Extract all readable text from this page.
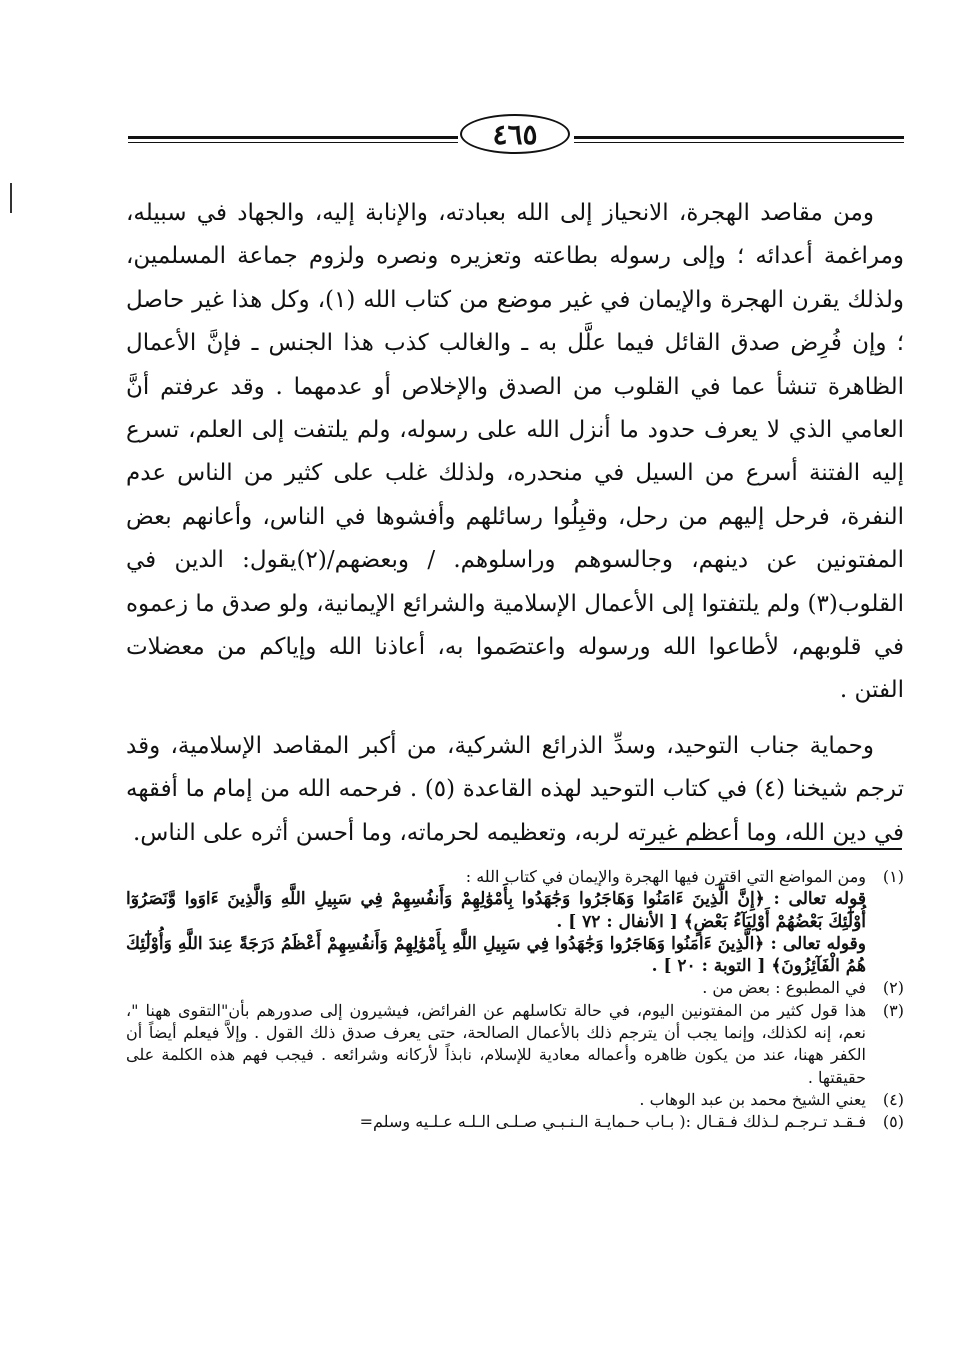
٤٦٥

ومن مقاصد الهجرة، الانحياز إلى الله بعبادته، والإنابة إليه، والجهاد في سبيله، ومراغمة أعدائه ؛ وإلى رسوله بطاعته وتعزيره ونصره ولزوم جماعة المسلمين، ولذلك يقرن الهجرة والإيمان في غير موضع من كتاب الله (١)، وكل هذا غير حاصل ؛ وإن فُرِض صدق القائل فيما علَّل به ـ والغالب كذب هذا الجنس ـ فإنَّ الأعمال الظاهرة تنشأ عما في القلوب من الصدق والإخلاص أو عدمهما . وقد عرفتم أنَّ العامي الذي لا يعرف حدود ما أنزل الله على رسوله، ولم يلتفت إلى العلم، تسرع إليه الفتنة أسرع من السيل في منحدره، ولذلك غلب على كثير من الناس عدم النفرة، فرحل إليهم من رحل، وقبِلُوا رسائلهم وأفشوها في الناس، وأعانهم بعض المفتونين عن دينهم، وجالسوهم وراسلوهم. / وبعضهم/(٢)يقول: الدين في القلوب(٣) ولم يلتفتوا إلى الأعمال الإسلامية والشرائع الإيمانية، ولو صدق ما زعموه في قلوبهم، لأطاعوا الله ورسوله واعتصَموا به، أعاذنا الله وإياكم من معضلات الفتن .

وحماية جناب التوحيد، وسدِّ الذرائع الشركية، من أكبر المقاصد الإسلامية، وقد ترجم شيخنا (٤) في كتاب التوحيد لهذه القاعدة (٥) . فرحمه الله من إمام ما أفقهه في دين الله، وما أعظم غيرته لربه، وتعظيمه لحرماته، وما أحسن أثره على الناس.

(١)
ومن المواضع التي اقترن فيها الهجرة والإيمان في كتاب الله :
قوله تعالى : ﴿إِنَّ الَّذِينَ ءَامَنُوا وَهَاجَرُوا وَجَٰهَدُوا بِأَمْوَٰلِهِمْ وَأَنفُسِهِمْ فِي سَبِيلِ اللَّهِ وَالَّذِينَ ءَاوَوا وَّنَصَرُوٓا أُوْلَٰٓئِكَ بَعْضُهُمْ أَوْلِيَآءُ بَعْضٍ﴾ [ الأنفال : ٧٢ ] .
وقوله تعالى : ﴿الَّذِينَ ءَامَنُوا وَهَاجَرُوا وَجَٰهَدُوا فِي سَبِيلِ اللَّهِ بِأَمْوَٰلِهِمْ وَأَنفُسِهِمْ أَعْظَمُ دَرَجَةً عِندَ اللَّهِ وَأُوْلَٰٓئِكَ هُمُ الْفَآئِزُونَ﴾ [ التوبة : ٢٠ ] .
(٢)
في المطبوع : بعض من .
(٣)
هذا قول كثير من المفتونين اليوم، في حالة تكاسلهم عن الفرائض، فيشيرون إلى صدورهم بأن"التقوى ههنا "، نعم، إنه لكذلك، وإنما يجب أن يترجم ذلك بالأعمال الصالحة، حتى يعرف صدق ذلك القول . وإلاَّ فيعلم أيضاً أن الكفر ههنا، عند من يكون ظاهره وأعماله معادية للإسلام، نابذاً لأركانه وشرائعه . فيجب فهم هذه الكلمة على حقيقتها .
(٤)
يعني الشيخ محمد بن عبد الوهاب .
(٥)
فـقـد تـرجـم لـذلك فـقـال :( بـاب حـمايـة الـنـبـي صـلـى الـلـه عـلـيه وسلم=
